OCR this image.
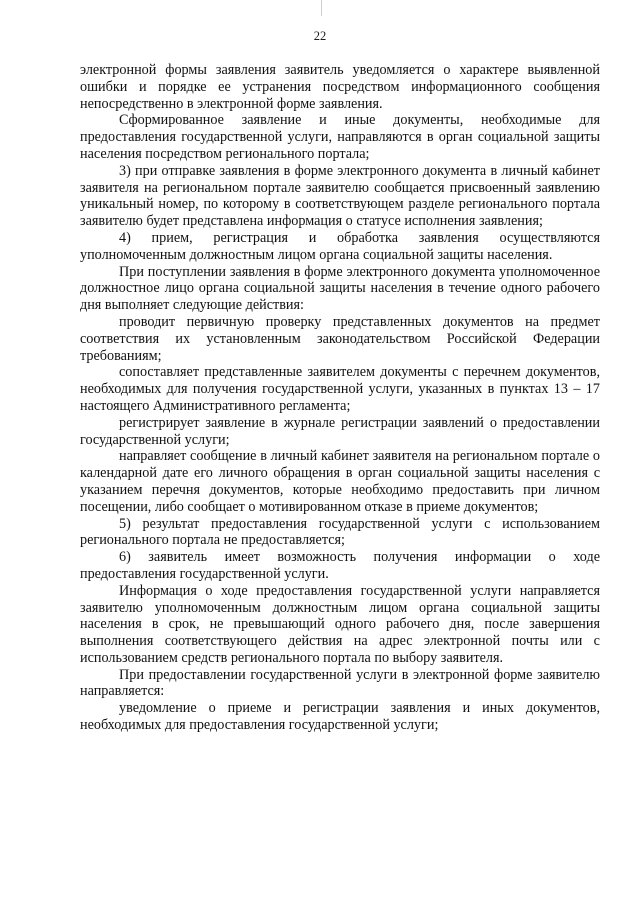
22

электронной формы заявления заявитель уведомляется о характере выявленной ошибки и порядке ее устранения посредством информационного сообщения непосредственно в электронной форме заявления.

Сформированное заявление и иные документы, необходимые для предоставления государственной услуги, направляются в орган социальной защиты населения посредством регионального портала;

3) при отправке заявления в форме электронного документа в личный кабинет заявителя на региональном портале заявителю сообщается присвоенный заявлению уникальный номер, по которому в соответствующем разделе регионального портала заявителю будет представлена информация о статусе исполнения заявления;

4) прием, регистрация и обработка заявления осуществляются уполномоченным должностным лицом органа социальной защиты населения.

При поступлении заявления в форме электронного документа уполномоченное должностное лицо органа социальной защиты населения в течение одного рабочего дня выполняет следующие действия:

проводит первичную проверку представленных документов на предмет соответствия их установленным законодательством Российской Федерации требованиям;

сопоставляет представленные заявителем документы с перечнем документов, необходимых для получения государственной услуги, указанных в пунктах 13 – 17 настоящего Административного регламента;

регистрирует заявление в журнале регистрации заявлений о предоставлении государственной услуги;

направляет сообщение в личный кабинет заявителя на региональном портале о календарной дате его личного обращения в орган социальной защиты населения с указанием перечня документов, которые необходимо предоставить при личном посещении, либо сообщает о мотивированном отказе в приеме документов;

5) результат предоставления государственной услуги с использованием регионального портала не предоставляется;

6) заявитель имеет возможность получения информации о ходе предоставления государственной услуги.

Информация о ходе предоставления государственной услуги направляется заявителю уполномоченным должностным лицом органа социальной защиты населения в срок, не превышающий одного рабочего дня, после завершения выполнения соответствующего действия на адрес электронной почты или с использованием средств регионального портала по выбору заявителя.

При предоставлении государственной услуги в электронной форме заявителю направляется:

уведомление о приеме и регистрации заявления и иных документов, необходимых для предоставления государственной услуги;
